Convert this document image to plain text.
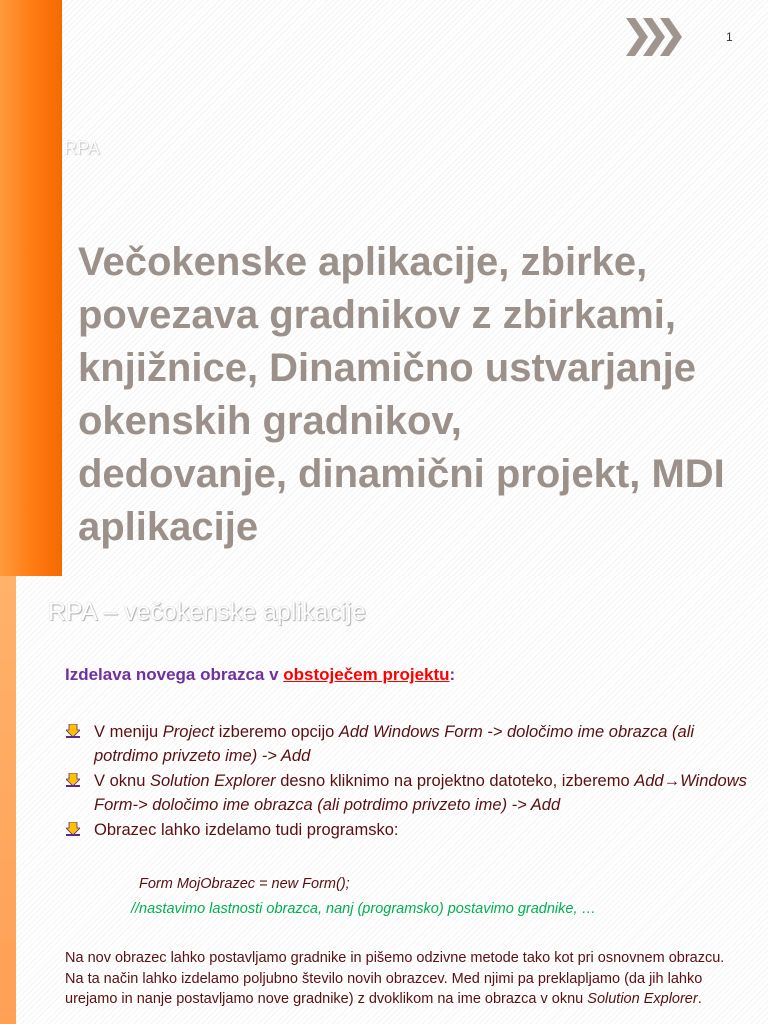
1
RPA
Večokenske aplikacije, zbirke,
povezava gradnikov z zbirkami,
knjižnice, Dinamično ustvarjanje
okenskih gradnikov,
dedovanje, dinamični projekt, MDI
aplikacije
RPA – večokenske aplikacije
Izdelava novega obrazca v obstoječem projektu:
V meniju Project izberemo opcijo Add Windows Form -> določimo ime obrazca (ali potrdimo privzeto ime) -> Add
V oknu Solution Explorer desno kliknimo na projektno datoteko, izberemo Add→Windows Form-> določimo ime obrazca (ali potrdimo privzeto ime) -> Add
Obrazec lahko izdelamo tudi programsko:
Form MojObrazec = new Form();
//nastavimo lastnosti obrazca, nanj (programsko) postavimo gradnike, …

Na nov obrazec lahko postavljamo gradnike in pišemo odzivne metode tako kot pri osnovnem obrazcu. Na ta način lahko izdelamo poljubno število novih obrazcev. Med njimi pa preklapljamo (da jih lahko urejamo in nanje postavljamo nove gradnike) z dvoklikom na ime obrazca v oknu Solution Explorer.
